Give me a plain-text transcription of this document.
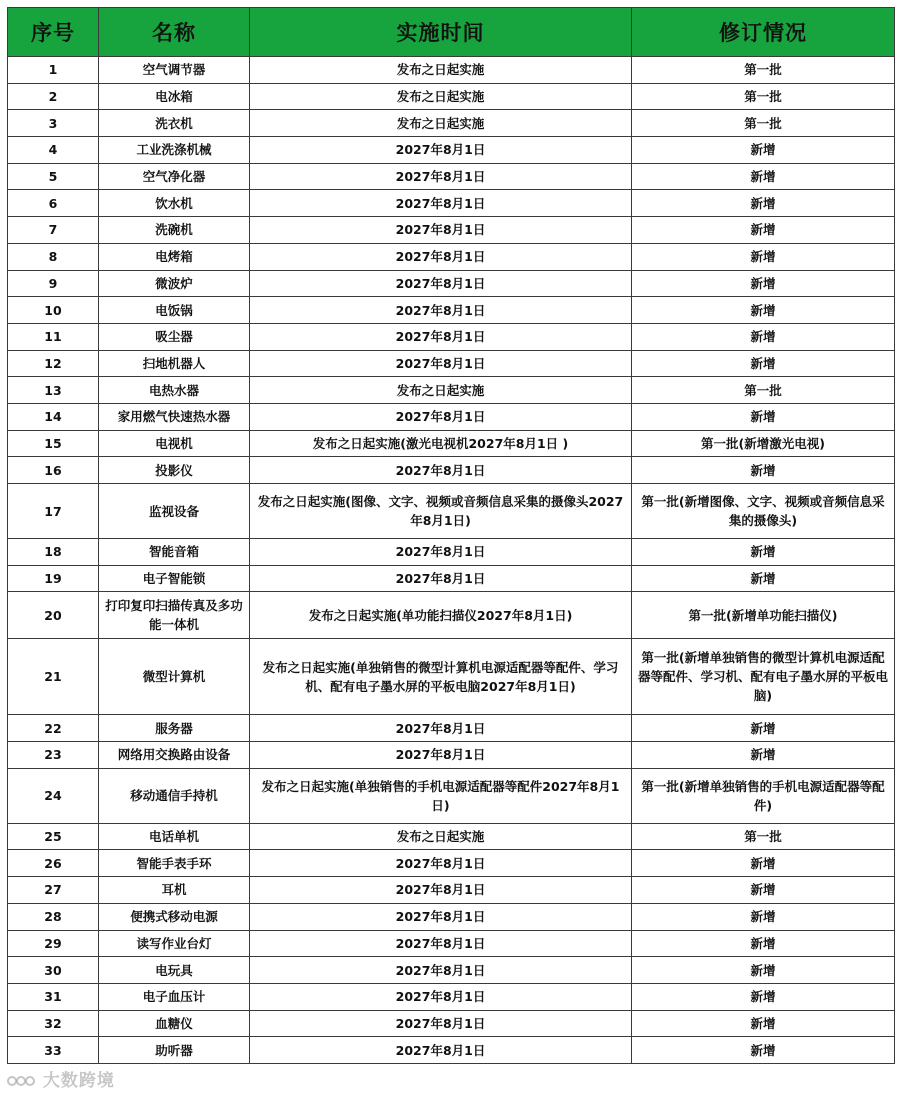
序号	名称	实施时间	修订情况
1	空气调节器	发布之日起实施	第一批
2	电冰箱	发布之日起实施	第一批
3	洗衣机	发布之日起实施	第一批
4	工业洗涤机械	2027年8月1日	新增
5	空气净化器	2027年8月1日	新增
6	饮水机	2027年8月1日	新增
7	洗碗机	2027年8月1日	新增
8	电烤箱	2027年8月1日	新增
9	微波炉	2027年8月1日	新增
10	电饭锅	2027年8月1日	新增
11	吸尘器	2027年8月1日	新增
12	扫地机器人	2027年8月1日	新增
13	电热水器	发布之日起实施	第一批
14	家用燃气快速热水器	2027年8月1日	新增
15	电视机	发布之日起实施(激光电视机2027年8月1日 )	第一批(新增激光电视)
16	投影仪	2027年8月1日	新增
17	监视设备	发布之日起实施(图像、文字、视频或音频信息采集的摄像头2027年8月1日)	第一批(新增图像、文字、视频或音频信息采集的摄像头)
18	智能音箱	2027年8月1日	新增
19	电子智能锁	2027年8月1日	新增
20	打印复印扫描传真及多功能一体机	发布之日起实施(单功能扫描仪2027年8月1日)	第一批(新增单功能扫描仪)
21	微型计算机	发布之日起实施(单独销售的微型计算机电源适配器等配件、学习机、配有电子墨水屏的平板电脑2027年8月1日)	第一批(新增单独销售的微型计算机电源适配器等配件、学习机、配有电子墨水屏的平板电脑)
22	服务器	2027年8月1日	新增
23	网络用交换路由设备	2027年8月1日	新增
24	移动通信手持机	发布之日起实施(单独销售的手机电源适配器等配件2027年8月1日)	第一批(新增单独销售的手机电源适配器等配件)
25	电话单机	发布之日起实施	第一批
26	智能手表手环	2027年8月1日	新增
27	耳机	2027年8月1日	新增
28	便携式移动电源	2027年8月1日	新增
29	读写作业台灯	2027年8月1日	新增
30	电玩具	2027年8月1日	新增
31	电子血压计	2027年8月1日	新增
32	血糖仪	2027年8月1日	新增
33	助听器	2027年8月1日	新增
大数跨境
